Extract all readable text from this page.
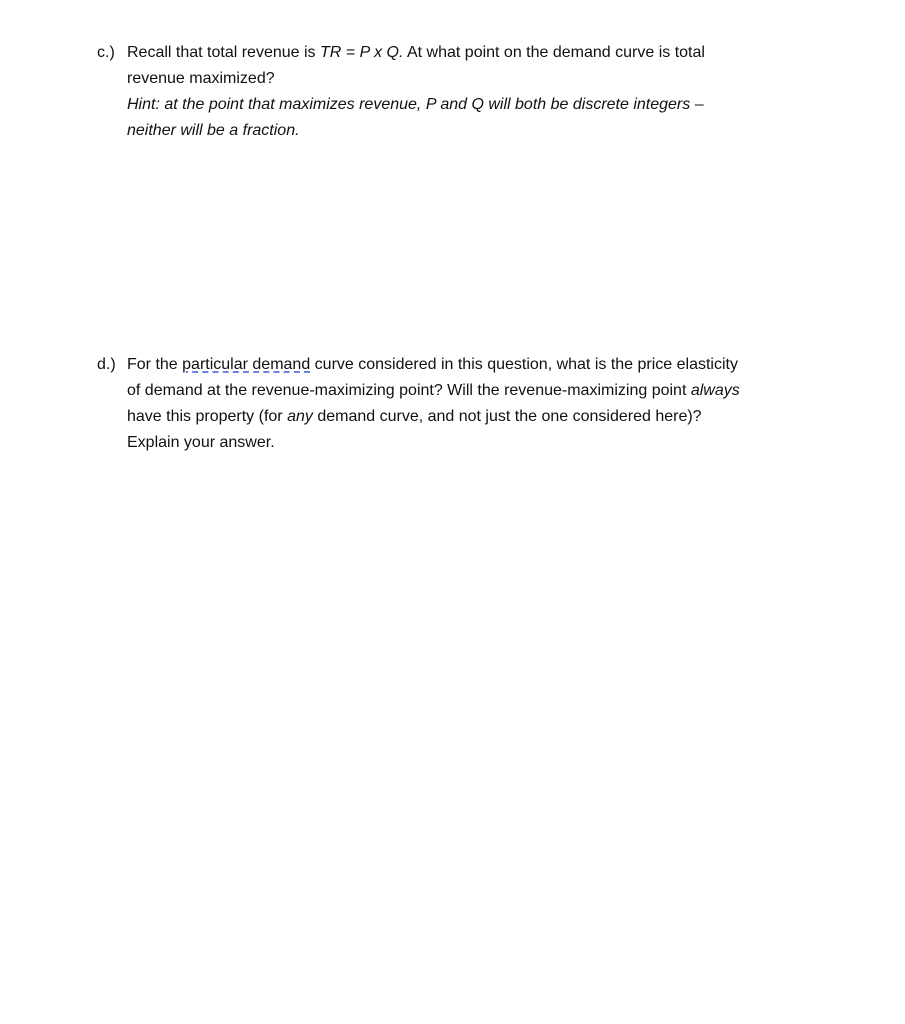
c.) Recall that total revenue is TR = P x Q. At what point on the demand curve is total
revenue maximized?
Hint: at the point that maximizes revenue, P and Q will both be discrete integers –
neither will be a fraction.
d.) For the particular demand curve considered in this question, what is the price elasticity
of demand at the revenue-maximizing point? Will the revenue-maximizing point always
have this property (for any demand curve, and not just the one considered here)?
Explain your answer.
